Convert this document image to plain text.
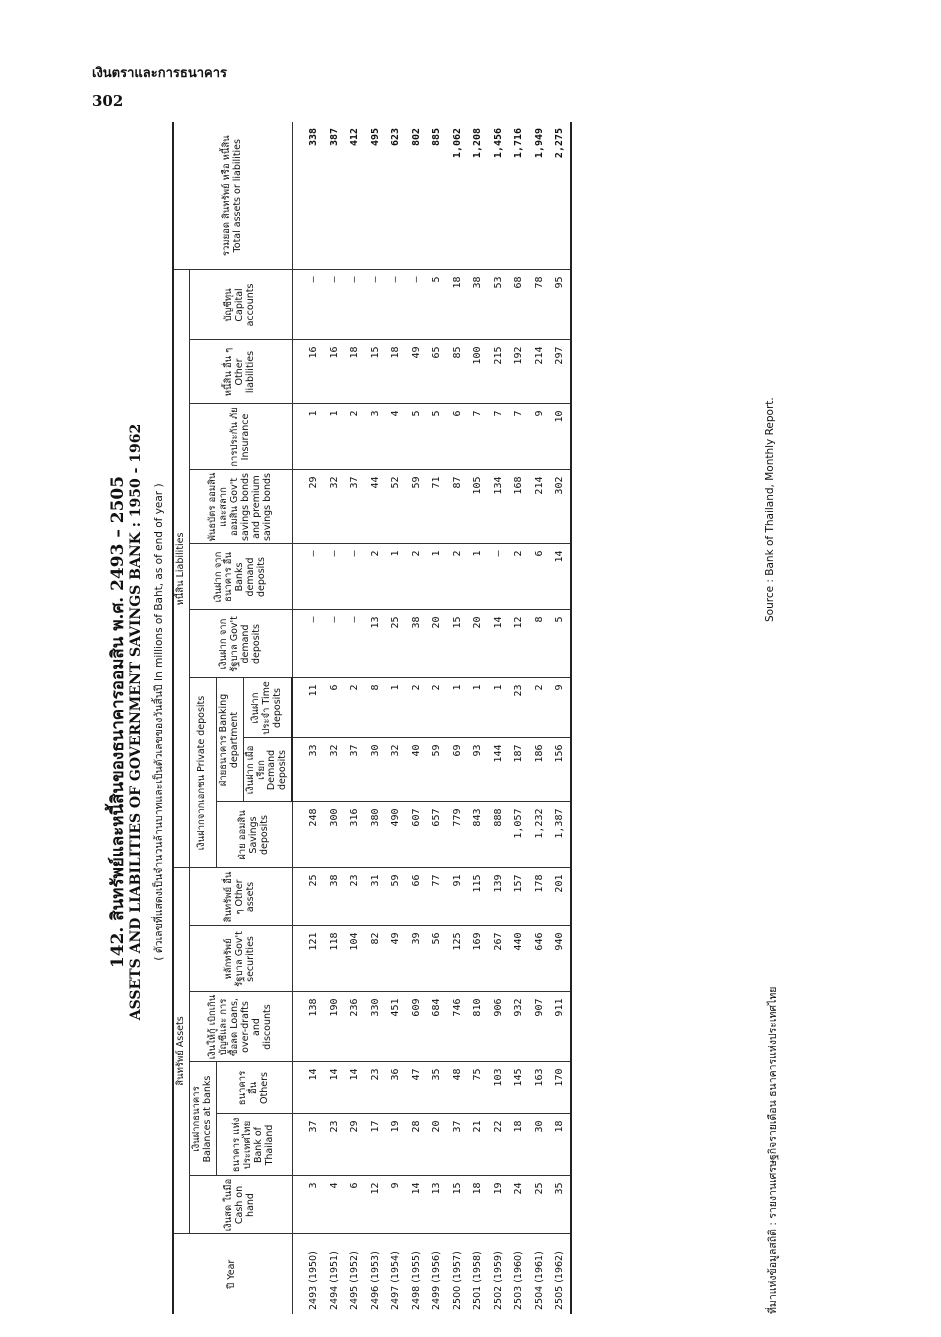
เงินตราและการธนาคาร
302
142. สินทรัพย์และหนี้สินของธนาคารออมสิน พ.ศ. 2493 – 2505 ASSETS AND LIABILITIES OF GOVERNMENT SAVINGS BANK : 1950 - 1962 ( ตัวเลขที่แสดงเป็นจำนวนล้านบาทและเป็นตัวเลขของวันสิ้นปี In millions of Baht, as of end of year )
ปี Year	สินทรัพย์ Assets						หนี้สิน Liabilities									รวมยอด สินทรัพย์ หรือ หนี้สิน Total assets or liabilities
	เงินสด ในมือ Cash on hand	เงินฝากธนาคาร Balances at banks		เงินให้กู้ เบิกเกิน บัญชีและ การซื้อลด Loans, over-drafts and discounts	หลักทรัพย์ รัฐบาล Gov't securities	สินทรัพย์ อื่น ๆ Other assets	เงินฝากจากเอกชน Private deposits			เงินฝาก จากรัฐบาล Gov't demand deposits	เงินฝาก จาก ธนาคาร อื่น Banks demand deposits	พันธบัตร ออมสิน และสลาก ออมสิน Gov't savings bonds and premium savings bonds	การประกัน ภัย Insurance	หนี้สิน อื่น ๆ Other liabilities	บัญชีทุน Capital accounts	
		ธนาคาร แห่งประเทศไทย Bank of Thailand	ธนาคาร อื่น Others				ฝ่าย ออมสิน Savings deposits	ฝ่ายธนาคาร Banking department								
								เงินฝาก เผื่อเรียก Demand deposits	เงินฝาก ประจำ Time deposits							
2493 (1950)	3	37	14	138	121	25	248	33	11	—	—	29	1	16	—	338
2494 (1951)	4	23	14	190	118	38	300	32	6	—	—	32	1	16	—	387
2495 (1952)	6	29	14	236	104	23	316	37	2	—	—	37	2	18	—	412
2496 (1953)	12	17	23	330	82	31	380	30	8	13	2	44	3	15	—	495
2497 (1954)	9	19	36	451	49	59	490	32	1	25	1	52	4	18	—	623
2498 (1955)	14	28	47	609	39	66	607	40	2	38	2	59	5	49	—	802
2499 (1956)	13	20	35	684	56	77	657	59	2	20	1	71	5	65	5	885
2500 (1957)	15	37	48	746	125	91	779	69	1	15	2	87	6	85	18	1,062
2501 (1958)	18	21	75	810	169	115	843	93	1	20	1	105	7	100	38	1,208
2502 (1959)	19	22	103	906	267	139	888	144	1	14	—	134	7	215	53	1,456
2503 (1960)	24	18	145	932	440	157	1,057	187	23	12	2	168	7	192	68	1,716
2504 (1961)	25	30	163	907	646	178	1,232	186	2	8	6	214	9	214	78	1,949
2505 (1962)	35	18	170	911	940	201	1,387	156	9	5	14	302	10	297	95	2,275
ที่มาแห่งข้อมูลสถิติ : รายงานเศรษฐกิจรายเดือน ธนาคารแห่งประเทศไทย
Source : Bank of Thailand, Monthly Report.
